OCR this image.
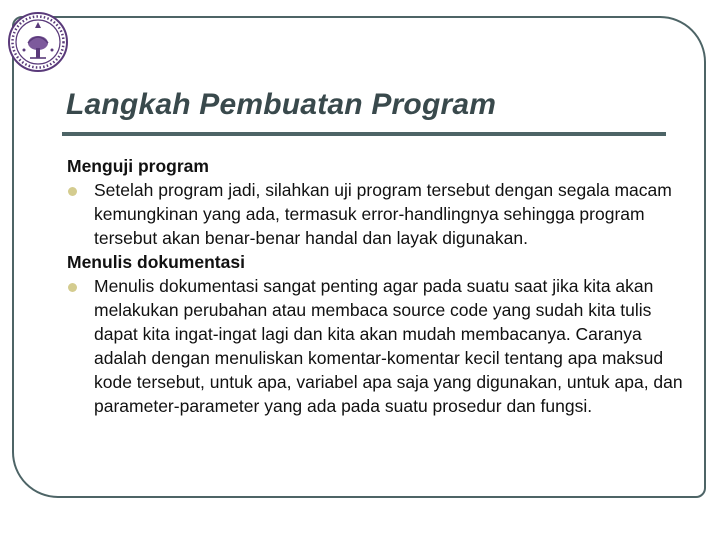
Langkah Pembuatan Program

Menguji program

Setelah program jadi, silahkan uji program tersebut dengan segala macam kemungkinan yang ada, termasuk error-handlingnya sehingga program tersebut akan benar-benar handal dan layak digunakan.

Menulis dokumentasi

Menulis dokumentasi sangat penting agar pada suatu saat jika kita akan melakukan perubahan atau membaca source code yang sudah kita tulis dapat kita ingat-ingat lagi dan kita akan mudah membacanya. Caranya adalah dengan menuliskan komentar-komentar kecil tentang apa maksud kode tersebut, untuk apa, variabel apa saja yang digunakan, untuk apa, dan parameter-parameter yang ada pada suatu prosedur dan fungsi.
